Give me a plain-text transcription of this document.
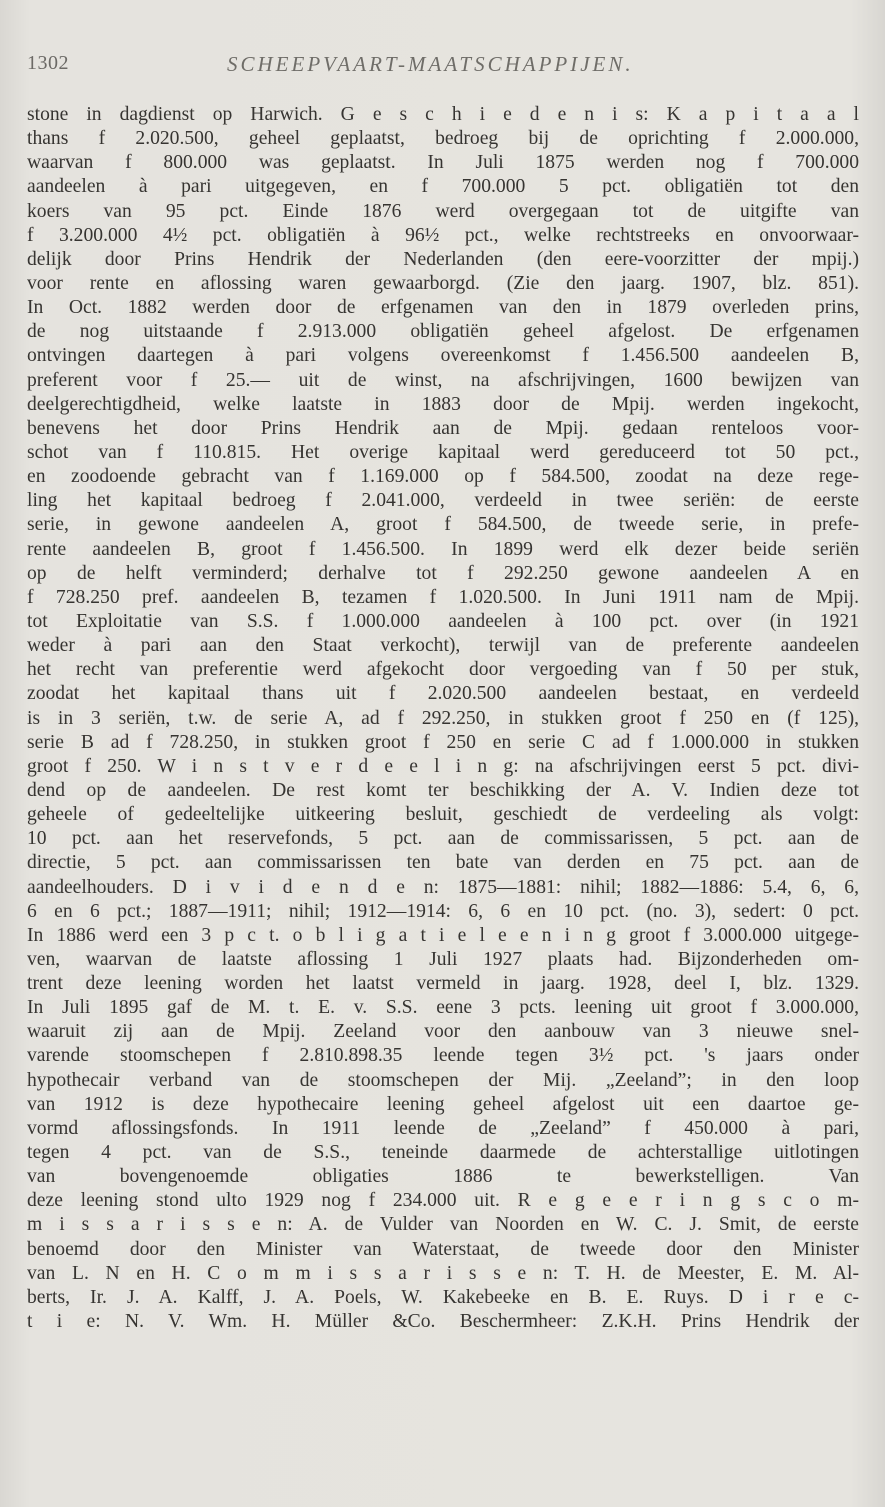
1302	SCHEEPVAART-MAATSCHAPPIJEN.
stone in dagdienst op Harwich. G e s c h i e d e n i s: K a p i t a a l
thans f 2.020.500, geheel geplaatst, bedroeg bij de oprichting f 2.000.000,
waarvan f 800.000 was geplaatst. In Juli 1875 werden nog f 700.000
aandeelen à pari uitgegeven, en f 700.000 5 pct. obligatiën tot den
koers van 95 pct. Einde 1876 werd overgegaan tot de uitgifte van
f 3.200.000 4½ pct. obligatiën à 96½ pct., welke rechtstreeks en onvoorwaar-
delijk door Prins Hendrik der Nederlanden (den eere-voorzitter der mpij.)
voor rente en aflossing waren gewaarborgd. (Zie den jaarg. 1907, blz. 851).
In Oct. 1882 werden door de erfgenamen van den in 1879 overleden prins,
de nog uitstaande f 2.913.000 obligatiën geheel afgelost. De erfgenamen
ontvingen daartegen à pari volgens overeenkomst f 1.456.500 aandeelen B,
preferent voor f 25.— uit de winst, na afschrijvingen, 1600 bewijzen van
deelgerechtigdheid, welke laatste in 1883 door de Mpij. werden ingekocht,
benevens het door Prins Hendrik aan de Mpij. gedaan renteloos voor-
schot van f 110.815. Het overige kapitaal werd gereduceerd tot 50 pct.,
en zoodoende gebracht van f 1.169.000 op f 584.500, zoodat na deze rege-
ling het kapitaal bedroeg f 2.041.000, verdeeld in twee seriën: de eerste
serie, in gewone aandeelen A, groot f 584.500, de tweede serie, in prefe-
rente aandeelen B, groot f 1.456.500. In 1899 werd elk dezer beide seriën
op de helft verminderd; derhalve tot f 292.250 gewone aandeelen A en
f 728.250 pref. aandeelen B, tezamen f 1.020.500. In Juni 1911 nam de Mpij.
tot Exploitatie van S.S. f 1.000.000 aandeelen à 100 pct. over (in 1921
weder à pari aan den Staat verkocht), terwijl van de preferente aandeelen
het recht van preferentie werd afgekocht door vergoeding van f 50 per stuk,
zoodat het kapitaal thans uit f 2.020.500 aandeelen bestaat, en verdeeld
is in 3 seriën, t.w. de serie A, ad f 292.250, in stukken groot f 250 en (f 125),
serie B ad f 728.250, in stukken groot f 250 en serie C ad f 1.000.000 in stukken
groot f 250. W i n s t v e r d e e l i n g: na afschrijvingen eerst 5 pct. divi-
dend op de aandeelen. De rest komt ter beschikking der A. V. Indien deze tot
geheele of gedeeltelijke uitkeering besluit, geschiedt de verdeeling als volgt:
10 pct. aan het reservefonds, 5 pct. aan de commissarissen, 5 pct. aan de
directie, 5 pct. aan commissarissen ten bate van derden en 75 pct. aan de
aandeelhouders. D i v i d e n d e n: 1875—1881: nihil; 1882—1886: 5.4, 6, 6,
6 en 6 pct.; 1887—1911; nihil; 1912—1914: 6, 6 en 10 pct. (no. 3), sedert: 0 pct.
In 1886 werd een 3 p c t. o b l i g a t i e l e e n i n g groot f 3.000.000 uitgege-
ven, waarvan de laatste aflossing 1 Juli 1927 plaats had. Bijzonderheden om-
trent deze leening worden het laatst vermeld in jaarg. 1928, deel I, blz. 1329.
In Juli 1895 gaf de M. t. E. v. S.S. eene 3 pcts. leening uit groot f 3.000.000,
waaruit zij aan de Mpij. Zeeland voor den aanbouw van 3 nieuwe snel-
varende stoomschepen f 2.810.898.35 leende tegen 3½ pct. 's jaars onder
hypothecair verband van de stoomschepen der Mij. „Zeeland”; in den loop
van 1912 is deze hypothecaire leening geheel afgelost uit een daartoe ge-
vormd aflossingsfonds. In 1911 leende de „Zeeland” f 450.000 à pari,
tegen 4 pct. van de S.S., teneinde daarmede de achterstallige uitlotingen
van bovengenoemde obligaties 1886 te bewerkstelligen. Van
deze leening stond ulto 1929 nog f 234.000 uit. R e g e e r i n g s c o m-
m i s s a r i s s e n: A. de Vulder van Noorden en W. C. J. Smit, de eerste
benoemd door den Minister van Waterstaat, de tweede door den Minister
van L. N en H. C o m m i s s a r i s s e n: T. H. de Meester, E. M. Al-
berts, Ir. J. A. Kalff, J. A. Poels, W. Kakebeeke en B. E. Ruys. D i r e c-
t i e: N. V. Wm. H. Müller &Co. Beschermheer: Z.K.H. Prins Hendrik der
